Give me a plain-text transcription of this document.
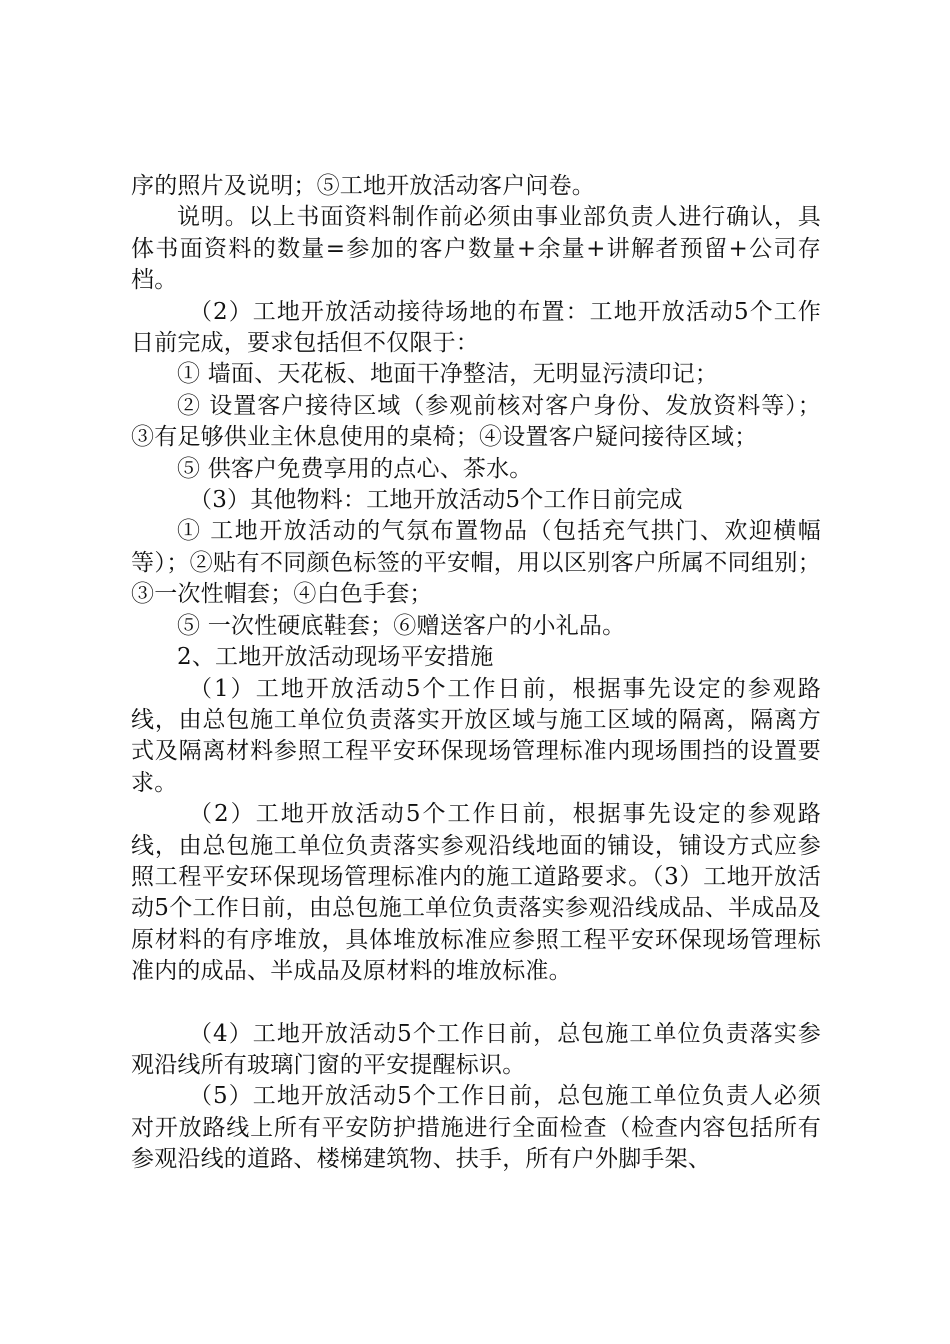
序的照片及说明；⑤工地开放活动客户问卷。

说明。以上书面资料制作前必须由事业部负责人进行确认，具体书面资料的数量=参加的客户数量+余量+讲解者预留+公司存档。

（2）工地开放活动接待场地的布置：工地开放活动5个工作日前完成，要求包括但不仅限于：

① 墙面、天花板、地面干净整洁，无明显污渍印记；

② 设置客户接待区域（参观前核对客户身份、发放资料等）；③有足够供业主休息使用的桌椅；④设置客户疑问接待区域；

⑤ 供客户免费享用的点心、茶水。

（3）其他物料：工地开放活动5个工作日前完成

① 工地开放活动的气氛布置物品（包括充气拱门、欢迎横幅等）；②贴有不同颜色标签的平安帽，用以区别客户所属不同组别；③一次性帽套；④白色手套；

⑤ 一次性硬底鞋套；⑥赠送客户的小礼品。

2、工地开放活动现场平安措施

（1）工地开放活动5个工作日前，根据事先设定的参观路线，由总包施工单位负责落实开放区域与施工区域的隔离，隔离方式及隔离材料参照工程平安环保现场管理标准内现场围挡的设置要求。

（2）工地开放活动5个工作日前，根据事先设定的参观路线，由总包施工单位负责落实参观沿线地面的铺设，铺设方式应参照工程平安环保现场管理标准内的施工道路要求。（3）工地开放活动5个工作日前，由总包施工单位负责落实参观沿线成品、半成品及原材料的有序堆放，具体堆放标准应参照工程平安环保现场管理标准内的成品、半成品及原材料的堆放标准。

（4）工地开放活动5个工作日前，总包施工单位负责落实参观沿线所有玻璃门窗的平安提醒标识。

（5）工地开放活动5个工作日前，总包施工单位负责人必须对开放路线上所有平安防护措施进行全面检查（检查内容包括所有参观沿线的道路、楼梯建筑物、扶手，所有户外脚手架、
